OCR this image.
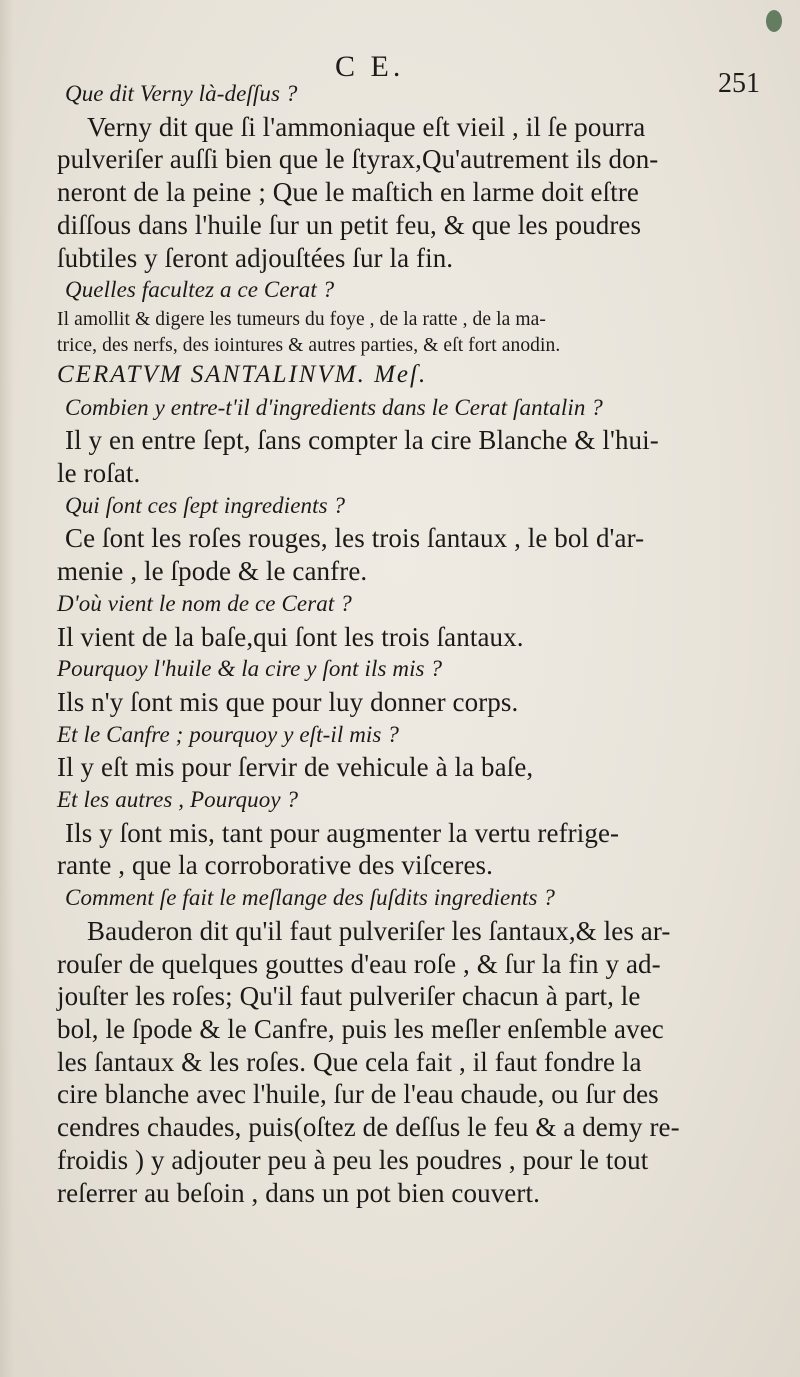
C E.
251
Que dit Verny là-deſſus ?
Verny dit que ſi l'ammoniaque eſt vieil , il ſe pourra
pulveriſer auſſi bien que le ſtyrax,Qu'autrement ils don-
neront de la peine ; Que le maſtich en larme doit eſtre
diſſous dans l'huile ſur un petit feu, & que les poudres
ſubtiles y ſeront adjouſtées ſur la fin.
Quelles facultez a ce Cerat ?
Il amollit & digere les tumeurs du foye , de la ratte , de la ma-
trice, des nerfs, des iointures & autres parties, & eſt fort anodin.
CERATVM SANTALINVM. Meſ.
Combien y entre-t'il d'ingredients dans le Cerat ſantalin ?
Il y en entre ſept, ſans compter la cire Blanche & l'hui-
le roſat.
Qui ſont ces ſept ingredients ?
Ce ſont les roſes rouges, les trois ſantaux , le bol d'ar-
menie , le ſpode & le canfre.
D'où vient le nom de ce Cerat ?
Il vient de la baſe,qui ſont les trois ſantaux.
Pourquoy l'huile & la cire y ſont ils mis ?
Ils n'y ſont mis que pour luy donner corps.
Et le Canfre ; pourquoy y eſt-il mis ?
Il y eſt mis pour ſervir de vehicule à la baſe,
Et les autres , Pourquoy ?
Ils y ſont mis, tant pour augmenter la vertu refrige-
rante , que la corroborative des viſceres.
Comment ſe fait le meſlange des ſuſdits ingredients ?
Bauderon dit qu'il faut pulveriſer les ſantaux,& les ar-
rouſer de quelques gouttes d'eau roſe , & ſur la fin y ad-
jouſter les roſes; Qu'il faut pulveriſer chacun à part, le
bol, le ſpode & le Canfre, puis les meſler enſemble avec
les ſantaux & les roſes. Que cela fait , il faut fondre la
cire blanche avec l'huile, ſur de l'eau chaude, ou ſur des
cendres chaudes, puis(oſtez de deſſus le feu & a demy re-
froidis ) y adjouter peu à peu les poudres , pour le tout
reſerrer au beſoin , dans un pot bien couvert.
